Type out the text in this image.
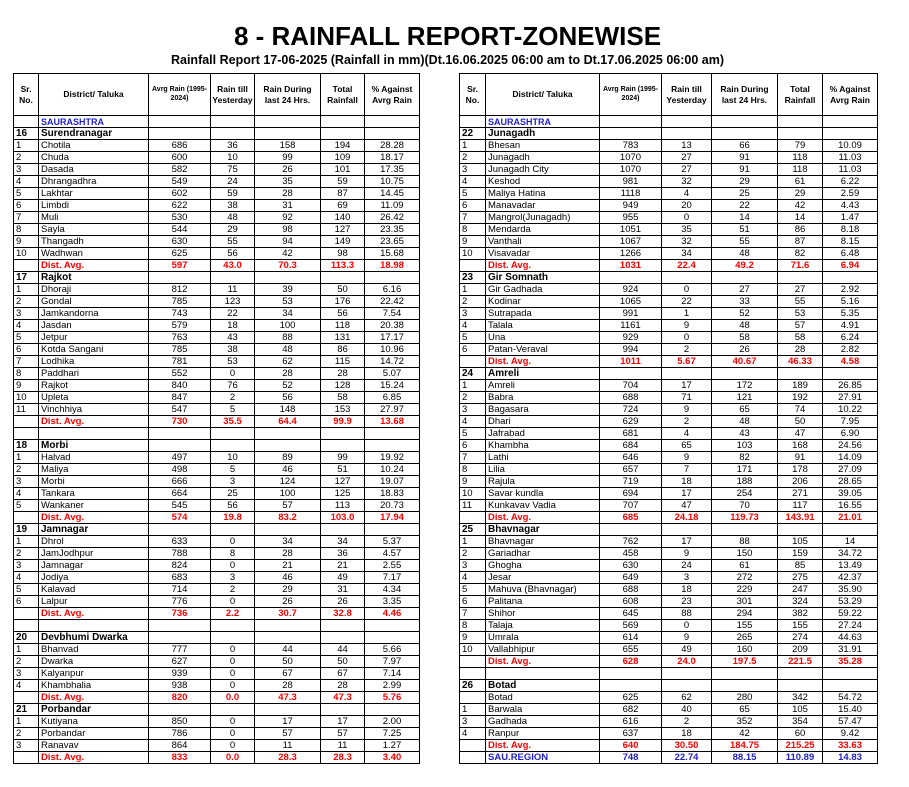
8 - RAINFALL REPORT-ZONEWISE
Rainfall Report 17-06-2025 (Rainfall in mm)(Dt.16.06.2025 06:00 am to Dt.17.06.2025 06:00 am)
Sr. No.	District/ Taluka	Avrg Rain (1995-2024)	Rain till Yesterday	Rain During last 24 Hrs.	Total Rainfall	% Against Avrg Rain
	SAURASHTRA					
16	Surendranagar					
1	Chotila	686	36	158	194	28.28
2	Chuda	600	10	99	109	18.17
3	Dasada	582	75	26	101	17.35
4	Dhrangadhra	549	24	35	59	10.75
5	Lakhtar	602	59	28	87	14.45
6	Limbdi	622	38	31	69	11.09
7	Muli	530	48	92	140	26.42
8	Sayla	544	29	98	127	23.35
9	Thangadh	630	55	94	149	23.65
10	Wadhwan	625	56	42	98	15.68
	Dist. Avg.	597	43.0	70.3	113.3	18.98
17	Rajkot					
1	Dhoraji	812	11	39	50	6.16
2	Gondal	785	123	53	176	22.42
3	Jamkandorna	743	22	34	56	7.54
4	Jasdan	579	18	100	118	20.38
5	Jetpur	763	43	88	131	17.17
6	Kotda Sangani	785	38	48	86	10.96
7	Lodhika	781	53	62	115	14.72
8	Paddhari	552	0	28	28	5.07
9	Rajkot	840	76	52	128	15.24
10	Upleta	847	2	56	58	6.85
11	Vinchhiya	547	5	148	153	27.97
	Dist. Avg.	730	35.5	64.4	99.9	13.68

18	Morbi					
1	Halvad	497	10	89	99	19.92
2	Maliya	498	5	46	51	10.24
3	Morbi	666	3	124	127	19.07
4	Tankara	664	25	100	125	18.83
5	Wankaner	545	56	57	113	20.73
	Dist. Avg.	574	19.8	83.2	103.0	17.94
19	Jamnagar					
1	Dhrol	633	0	34	34	5.37
2	JamJodhpur	788	8	28	36	4.57
3	Jamnagar	824	0	21	21	2.55
4	Jodiya	683	3	46	49	7.17
5	Kalavad	714	2	29	31	4.34
6	Lalpur	776	0	26	26	3.35
	Dist. Avg.	736	2.2	30.7	32.8	4.46

20	Devbhumi Dwarka					
1	Bhanvad	777	0	44	44	5.66
2	Dwarka	627	0	50	50	7.97
3	Kalyanpur	939	0	67	67	7.14
4	Khambhalia	938	0	28	28	2.99
	Dist. Avg.	820	0.0	47.3	47.3	5.76
21	Porbandar					
1	Kutiyana	850	0	17	17	2.00
2	Porbandar	786	0	57	57	7.25
3	Ranavav	864	0	11	11	1.27
	Dist. Avg.	833	0.0	28.3	28.3	3.40
Sr. No.	District/ Taluka	Avrg Rain (1995-2024)	Rain till Yesterday	Rain During last 24 Hrs.	Total Rainfall	% Against Avrg Rain
	SAURASHTRA					
22	Junagadh					
1	Bhesan	783	13	66	79	10.09
2	Junagadh	1070	27	91	118	11.03
3	Junagadh City	1070	27	91	118	11.03
4	Keshod	981	32	29	61	6.22
5	Maliya Hatina	1118	4	25	29	2.59
6	Manavadar	949	20	22	42	4.43
7	Mangrol(Junagadh)	955	0	14	14	1.47
8	Mendarda	1051	35	51	86	8.18
9	Vanthali	1067	32	55	87	8.15
10	Visavadar	1266	34	48	82	6.48
	Dist. Avg.	1031	22.4	49.2	71.6	6.94
23	Gir Somnath					
1	Gir Gadhada	924	0	27	27	2.92
2	Kodinar	1065	22	33	55	5.16
3	Sutrapada	991	1	52	53	5.35
4	Talala	1161	9	48	57	4.91
5	Una	929	0	58	58	6.24
6	Patan-Veraval	994	2	26	28	2.82
	Dist. Avg.	1011	5.67	40.67	46.33	4.58
24	Amreli					
1	Amreli	704	17	172	189	26.85
2	Babra	688	71	121	192	27.91
3	Bagasara	724	9	65	74	10.22
4	Dhari	629	2	48	50	7.95
5	Jafrabad	681	4	43	47	6.90
6	Khambha	684	65	103	168	24.56
7	Lathi	646	9	82	91	14.09
8	Lilia	657	7	171	178	27.09
9	Rajula	719	18	188	206	28.65
10	Savar kundla	694	17	254	271	39.05
11	Kunkavav Vadia	707	47	70	117	16.55
	Dist. Avg.	685	24.18	119.73	143.91	21.01
25	Bhavnagar					
1	Bhavnagar	762	17	88	105	14
2	Gariadhar	458	9	150	159	34.72
3	Ghogha	630	24	61	85	13.49
4	Jesar	649	3	272	275	42.37
5	Mahuva (Bhavnagar)	688	18	229	247	35.90
6	Palitana	608	23	301	324	53.29
7	Shihor	645	88	294	382	59.22
8	Talaja	569	0	155	155	27.24
9	Umrala	614	9	265	274	44.63
10	Vallabhipur	655	49	160	209	31.91
	Dist. Avg.	628	24.0	197.5	221.5	35.28

26	Botad					
	Botad	625	62	280	342	54.72
1	Barwala	682	40	65	105	15.40
3	Gadhada	616	2	352	354	57.47
4	Ranpur	637	18	42	60	9.42
	Dist. Avg.	640	30.50	184.75	215.25	33.63
	SAU.REGION	748	22.74	88.15	110.89	14.83
